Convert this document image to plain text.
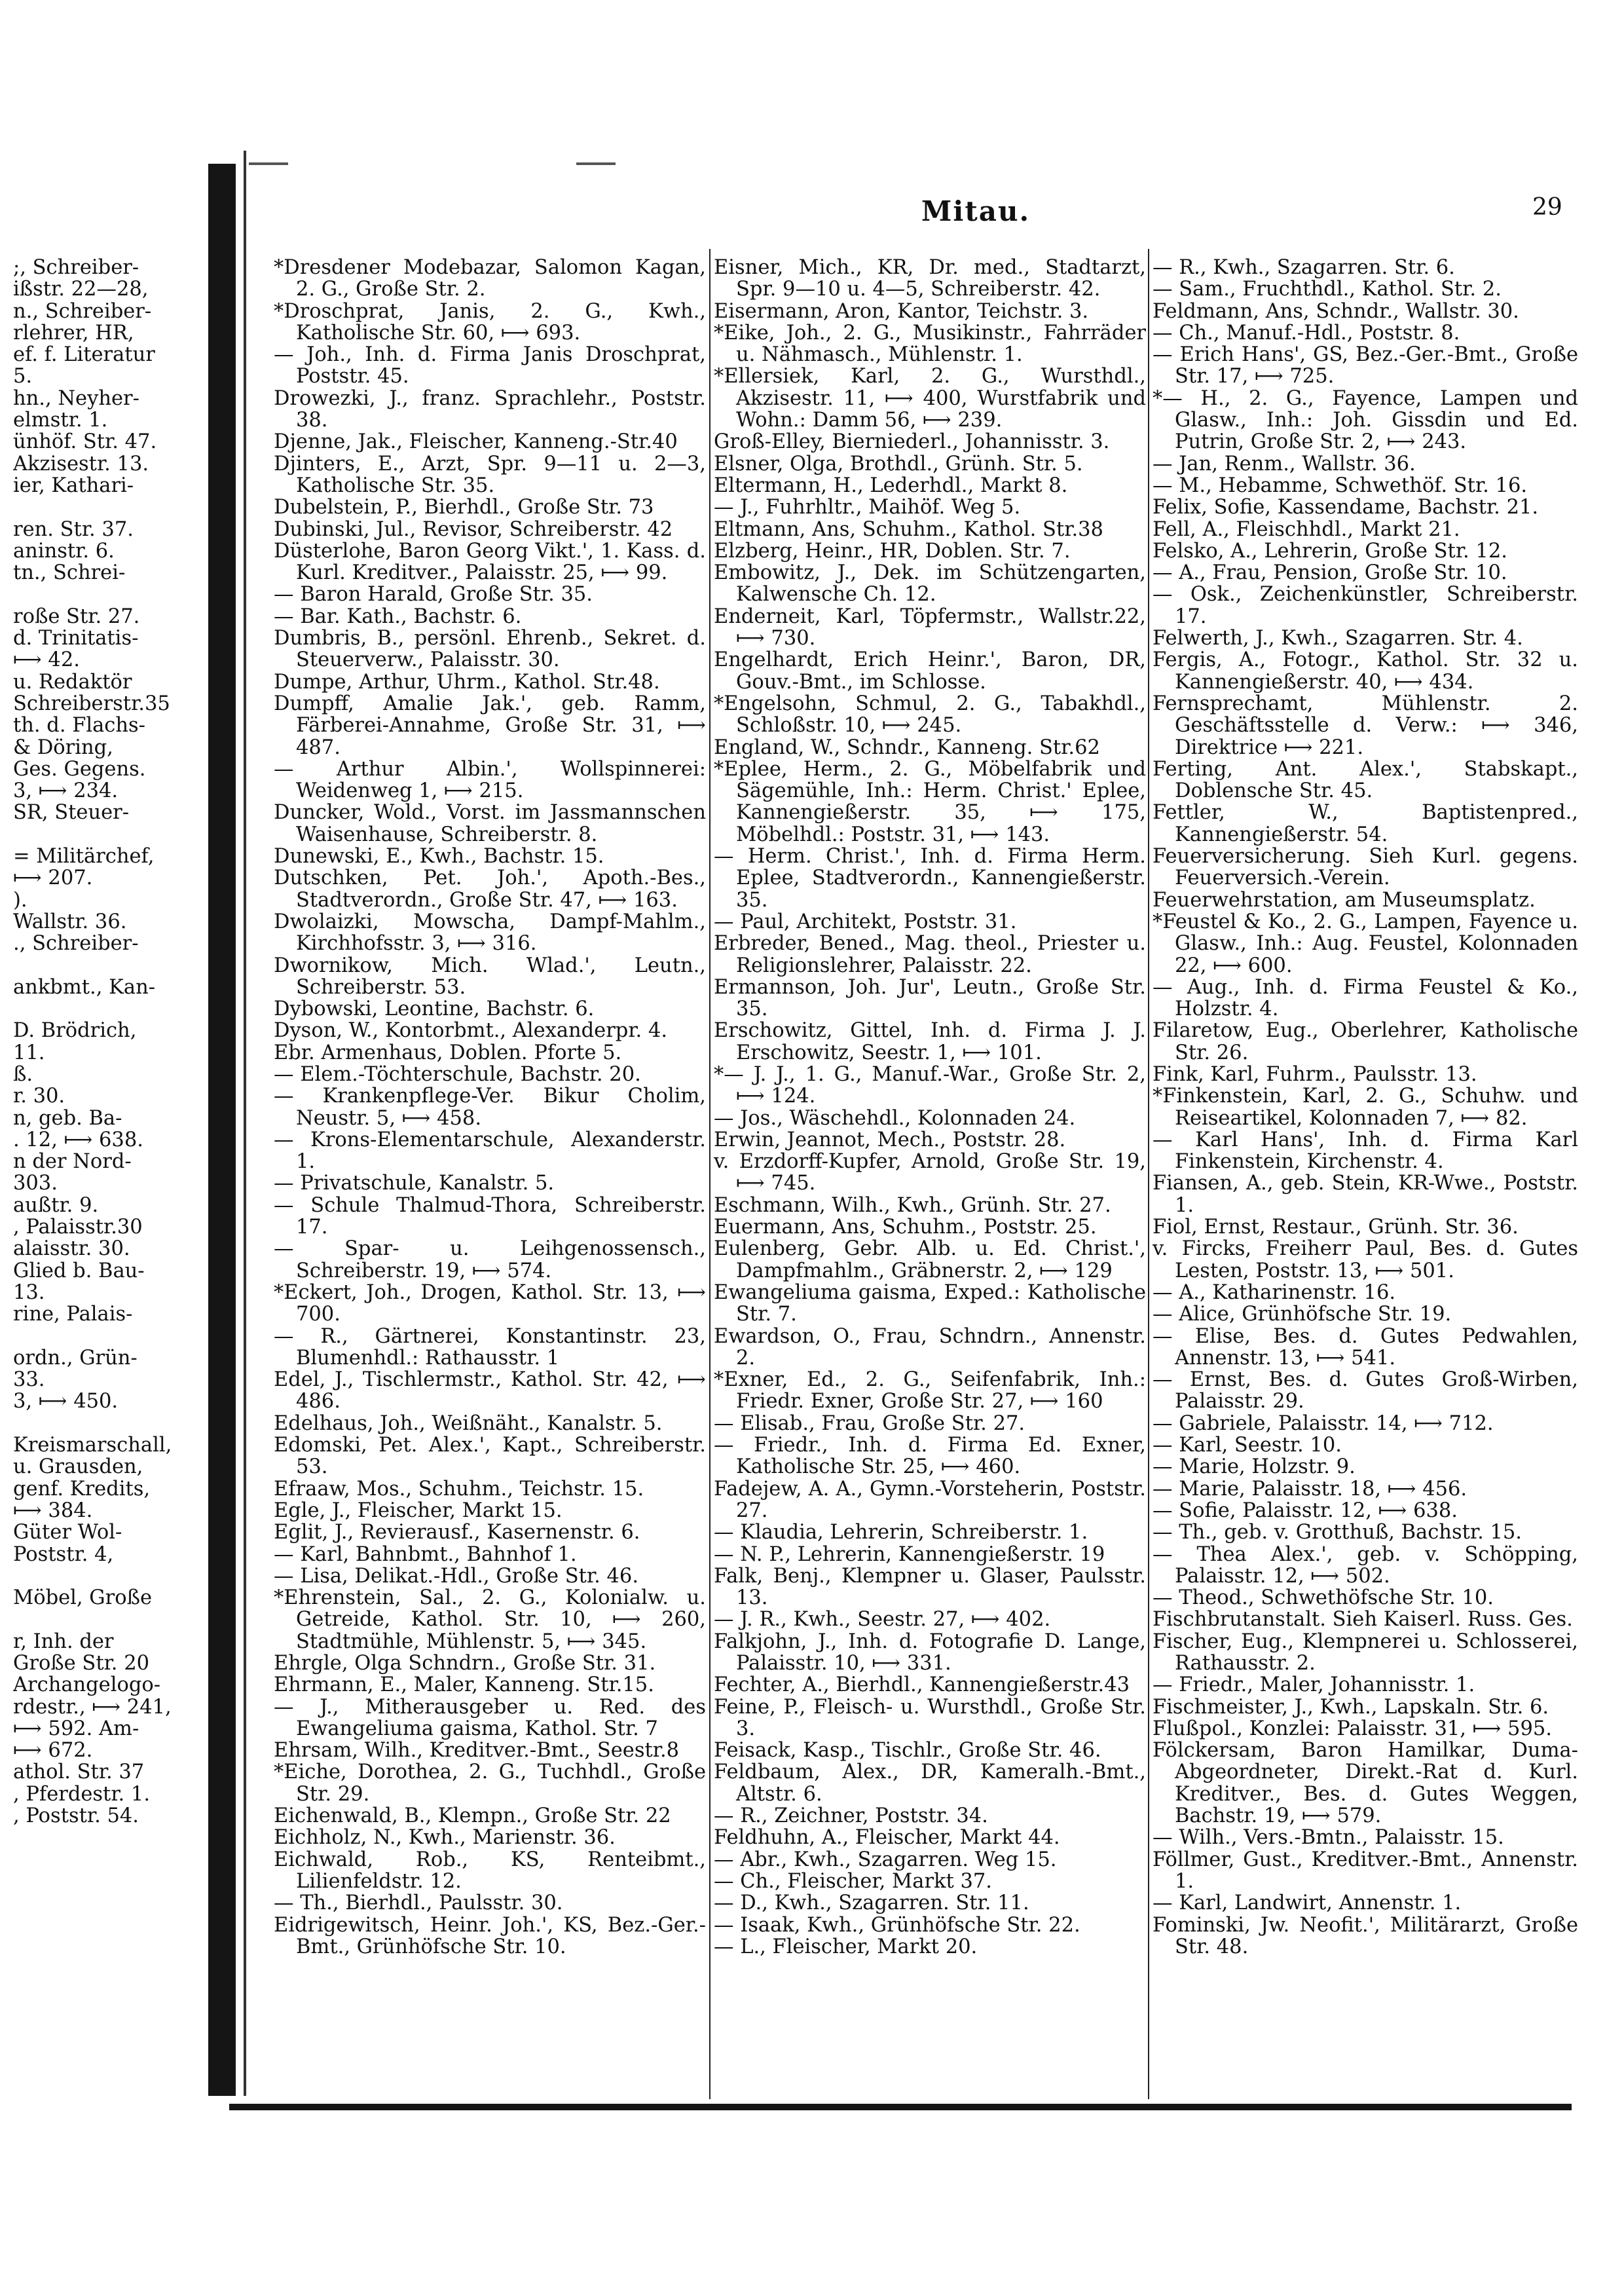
Mitau.	29

;, Schreiber-

ißstr. 22—28,

n., Schreiber-

rlehrer, HR,

ef. f. Literatur

5.

hn., Neyher-

elmstr. 1.

ünhöf. Str. 47.

Akzisestr. 13.

ier, Kathari-

ren. Str. 37.

aninstr. 6.

tn., Schrei-

roße Str. 27.

d. Trinitatis-

⟼ 42.

u. Redaktör

Schreiberstr.35

th. d. Flachs-

& Döring,

Ges. Gegens.

3, ⟼ 234.

SR, Steuer-

= Militärchef,

⟼ 207.

).

Wallstr. 36.

., Schreiber-

ankbmt., Kan-

D. Brödrich,

11.

ß.

r. 30.

n, geb. Ba-

. 12, ⟼ 638.

n der Nord-

303.

außtr. 9.

, Palaisstr.30

alaisstr. 30.

Glied b. Bau-

13.

rine, Palais-

ordn., Grün-

33.

3, ⟼ 450.

Kreismarschall,

u. Grausden,

genf. Kredits,

⟼ 384.

Güter Wol-

Poststr. 4,

Möbel, Große

r, Inh. der

Große Str. 20

Archangelogo-

rdestr., ⟼ 241,

⟼ 592. Am-

⟼ 672.

athol. Str. 37

, Pferdestr. 1.

, Poststr. 54.

*Dresdener Modebazar, Salomon Kagan, 2. G., Große Str. 2.

*Droschprat, Janis, 2. G., Kwh., Katholische Str. 60, ⟼ 693.

— Joh., Inh. d. Firma Janis Droschprat, Poststr. 45.

Drowezki, J., franz. Sprachlehr., Poststr. 38.

Djenne, Jak., Fleischer, Kanneng.-Str.40

Djinters, E., Arzt, Spr. 9—11 u. 2—3, Katholische Str. 35.

Dubelstein, P., Bierhdl., Große Str. 73

Dubinski, Jul., Revisor, Schreiberstr. 42

Düsterlohe, Baron Georg Vikt.', 1. Kass. d. Kurl. Kreditver., Palaisstr. 25, ⟼ 99.

— Baron Harald, Große Str. 35.

— Bar. Kath., Bachstr. 6.

Dumbris, B., persönl. Ehrenb., Sekret. d. Steuerverw., Palaisstr. 30.

Dumpe, Arthur, Uhrm., Kathol. Str.48.

Dumpff, Amalie Jak.', geb. Ramm, Färberei-Annahme, Große Str. 31, ⟼ 487.

— Arthur Albin.', Wollspinnerei: Weidenweg 1, ⟼ 215.

Duncker, Wold., Vorst. im Jassmannschen Waisenhause, Schreiberstr. 8.

Dunewski, E., Kwh., Bachstr. 15.

Dutschken, Pet. Joh.', Apoth.-Bes., Stadtverordn., Große Str. 47, ⟼ 163.

Dwolaizki, Mowscha, Dampf-Mahlm., Kirchhofsstr. 3, ⟼ 316.

Dwornikow, Mich. Wlad.', Leutn., Schreiberstr. 53.

Dybowski, Leontine, Bachstr. 6.

Dyson, W., Kontorbmt., Alexanderpr. 4.

Ebr. Armenhaus, Doblen. Pforte 5.

— Elem.-Töchterschule, Bachstr. 20.

— Krankenpflege-Ver. Bikur Cholim, Neustr. 5, ⟼ 458.

— Krons-Elementarschule, Alexanderstr. 1.

— Privatschule, Kanalstr. 5.

— Schule Thalmud-Thora, Schreiberstr. 17.

— Spar- u. Leihgenossensch., Schreiberstr. 19, ⟼ 574.

*Eckert, Joh., Drogen, Kathol. Str. 13, ⟼ 700.

— R., Gärtnerei, Konstantinstr. 23, Blumenhdl.: Rathausstr. 1

Edel, J., Tischlermstr., Kathol. Str. 42, ⟼ 486.

Edelhaus, Joh., Weißnäht., Kanalstr. 5.

Edomski, Pet. Alex.', Kapt., Schreiberstr. 53.

Efraaw, Mos., Schuhm., Teichstr. 15.

Egle, J., Fleischer, Markt 15.

Eglit, J., Revierausf., Kasernenstr. 6.

— Karl, Bahnbmt., Bahnhof 1.

— Lisa, Delikat.-Hdl., Große Str. 46.

*Ehrenstein, Sal., 2. G., Kolonialw. u. Getreide, Kathol. Str. 10, ⟼ 260, Stadtmühle, Mühlenstr. 5, ⟼ 345.

Ehrgle, Olga Schndrn., Große Str. 31.

Ehrmann, E., Maler, Kanneng. Str.15.

— J., Mitherausgeber u. Red. des Ewangeliuma gaisma, Kathol. Str. 7

Ehrsam, Wilh., Kreditver.-Bmt., Seestr.8

*Eiche, Dorothea, 2. G., Tuchhdl., Große Str. 29.

Eichenwald, B., Klempn., Große Str. 22

Eichholz, N., Kwh., Marienstr. 36.

Eichwald, Rob., KS, Renteibmt., Lilienfeldstr. 12.

— Th., Bierhdl., Paulsstr. 30.

Eidrigewitsch, Heinr. Joh.', KS, Bez.-Ger.-Bmt., Grünhöfsche Str. 10.

Eisner, Mich., KR, Dr. med., Stadtarzt, Spr. 9—10 u. 4—5, Schreiberstr. 42.

Eisermann, Aron, Kantor, Teichstr. 3.

*Eike, Joh., 2. G., Musikinstr., Fahrräder u. Nähmasch., Mühlenstr. 1.

*Ellersiek, Karl, 2. G., Wursthdl., Akzisestr. 11, ⟼ 400, Wurstfabrik und Wohn.: Damm 56, ⟼ 239.

Groß-Elley, Bierniederl., Johannisstr. 3.

Elsner, Olga, Brothdl., Grünh. Str. 5.

Eltermann, H., Lederhdl., Markt 8.

— J., Fuhrhltr., Maihöf. Weg 5.

Eltmann, Ans, Schuhm., Kathol. Str.38

Elzberg, Heinr., HR, Doblen. Str. 7.

Embowitz, J., Dek. im Schützengarten, Kalwensche Ch. 12.

Enderneit, Karl, Töpfermstr., Wallstr.22, ⟼ 730.

Engelhardt, Erich Heinr.', Baron, DR, Gouv.-Bmt., im Schlosse.

*Engelsohn, Schmul, 2. G., Tabakhdl., Schloßstr. 10, ⟼ 245.

England, W., Schndr., Kanneng. Str.62

*Eplee, Herm., 2. G., Möbelfabrik und Sägemühle, Inh.: Herm. Christ.' Eplee, Kannengießerstr. 35, ⟼ 175, Möbelhdl.: Poststr. 31, ⟼ 143.

— Herm. Christ.', Inh. d. Firma Herm. Eplee, Stadtverordn., Kannengießerstr. 35.

— Paul, Architekt, Poststr. 31.

Erbreder, Bened., Mag. theol., Priester u. Religionslehrer, Palaisstr. 22.

Ermannson, Joh. Jur', Leutn., Große Str. 35.

Erschowitz, Gittel, Inh. d. Firma J. J. Erschowitz, Seestr. 1, ⟼ 101.

*— J. J., 1. G., Manuf.-War., Große Str. 2, ⟼ 124.

— Jos., Wäschehdl., Kolonnaden 24.

Erwin, Jeannot, Mech., Poststr. 28.

v. Erzdorff-Kupfer, Arnold, Große Str. 19, ⟼ 745.

Eschmann, Wilh., Kwh., Grünh. Str. 27.

Euermann, Ans, Schuhm., Poststr. 25.

Eulenberg, Gebr. Alb. u. Ed. Christ.', Dampfmahlm., Gräbnerstr. 2, ⟼ 129

Ewangeliuma gaisma, Exped.: Katholische Str. 7.

Ewardson, O., Frau, Schndrn., Annenstr. 2.

*Exner, Ed., 2. G., Seifenfabrik, Inh.: Friedr. Exner, Große Str. 27, ⟼ 160

— Elisab., Frau, Große Str. 27.

— Friedr., Inh. d. Firma Ed. Exner, Katholische Str. 25, ⟼ 460.

Fadejew, A. A., Gymn.-Vorsteherin, Poststr. 27.

— Klaudia, Lehrerin, Schreiberstr. 1.

— N. P., Lehrerin, Kannengießerstr. 19

Falk, Benj., Klempner u. Glaser, Paulsstr. 13.

— J. R., Kwh., Seestr. 27, ⟼ 402.

Falkjohn, J., Inh. d. Fotografie D. Lange, Palaisstr. 10, ⟼ 331.

Fechter, A., Bierhdl., Kannengießerstr.43

Feine, P., Fleisch- u. Wursthdl., Große Str. 3.

Feisack, Kasp., Tischlr., Große Str. 46.

Feldbaum, Alex., DR, Kameralh.-Bmt., Altstr. 6.

— R., Zeichner, Poststr. 34.

Feldhuhn, A., Fleischer, Markt 44.

— Abr., Kwh., Szagarren. Weg 15.

— Ch., Fleischer, Markt 37.

— D., Kwh., Szagarren. Str. 11.

— Isaak, Kwh., Grünhöfsche Str. 22.

— L., Fleischer, Markt 20.

— R., Kwh., Szagarren. Str. 6.

— Sam., Fruchthdl., Kathol. Str. 2.

Feldmann, Ans, Schndr., Wallstr. 30.

— Ch., Manuf.-Hdl., Poststr. 8.

— Erich Hans', GS, Bez.-Ger.-Bmt., Große Str. 17, ⟼ 725.

*— H., 2. G., Fayence, Lampen und Glasw., Inh.: Joh. Gissdin und Ed. Putrin, Große Str. 2, ⟼ 243.

— Jan, Renm., Wallstr. 36.

— M., Hebamme, Schwethöf. Str. 16.

Felix, Sofie, Kassendame, Bachstr. 21.

Fell, A., Fleischhdl., Markt 21.

Felsko, A., Lehrerin, Große Str. 12.

— A., Frau, Pension, Große Str. 10.

— Osk., Zeichenkünstler, Schreiberstr. 17.

Felwerth, J., Kwh., Szagarren. Str. 4.

Fergis, A., Fotogr., Kathol. Str. 32 u. Kannengießerstr. 40, ⟼ 434.

Fernsprechamt, Mühlenstr. 2. Geschäftsstelle d. Verw.: ⟼ 346, Direktrice ⟼ 221.

Ferting, Ant. Alex.', Stabskapt., Doblensche Str. 45.

Fettler, W., Baptistenpred., Kannengießerstr. 54.

Feuerversicherung. Sieh Kurl. gegens. Feuerversich.-Verein.

Feuerwehrstation, am Museumsplatz.

*Feustel & Ko., 2. G., Lampen, Fayence u. Glasw., Inh.: Aug. Feustel, Kolonnaden 22, ⟼ 600.

— Aug., Inh. d. Firma Feustel & Ko., Holzstr. 4.

Filaretow, Eug., Oberlehrer, Katholische Str. 26.

Fink, Karl, Fuhrm., Paulsstr. 13.

*Finkenstein, Karl, 2. G., Schuhw. und Reiseartikel, Kolonnaden 7, ⟼ 82.

— Karl Hans', Inh. d. Firma Karl Finkenstein, Kirchenstr. 4.

Fiansen, A., geb. Stein, KR-Wwe., Poststr. 1.

Fiol, Ernst, Restaur., Grünh. Str. 36.

v. Fircks, Freiherr Paul, Bes. d. Gutes Lesten, Poststr. 13, ⟼ 501.

— A., Katharinenstr. 16.

— Alice, Grünhöfsche Str. 19.

— Elise, Bes. d. Gutes Pedwahlen, Annenstr. 13, ⟼ 541.

— Ernst, Bes. d. Gutes Groß-Wirben, Palaisstr. 29.

— Gabriele, Palaisstr. 14, ⟼ 712.

— Karl, Seestr. 10.

— Marie, Holzstr. 9.

— Marie, Palaisstr. 18, ⟼ 456.

— Sofie, Palaisstr. 12, ⟼ 638.

— Th., geb. v. Grotthuß, Bachstr. 15.

— Thea Alex.', geb. v. Schöpping, Palaisstr. 12, ⟼ 502.

— Theod., Schwethöfsche Str. 10.

Fischbrutanstalt. Sieh Kaiserl. Russ. Ges.

Fischer, Eug., Klempnerei u. Schlosserei, Rathausstr. 2.

— Friedr., Maler, Johannisstr. 1.

Fischmeister, J., Kwh., Lapskaln. Str. 6.

Flußpol., Konzlei: Palaisstr. 31, ⟼ 595.

Fölckersam, Baron Hamilkar, Duma-Abgeordneter, Direkt.-Rat d. Kurl. Kreditver., Bes. d. Gutes Weggen, Bachstr. 19, ⟼ 579.

— Wilh., Vers.-Bmtn., Palaisstr. 15.

Föllmer, Gust., Kreditver.-Bmt., Annenstr. 1.

— Karl, Landwirt, Annenstr. 1.

Fominski, Jw. Neofit.', Militärarzt, Große Str. 48.
